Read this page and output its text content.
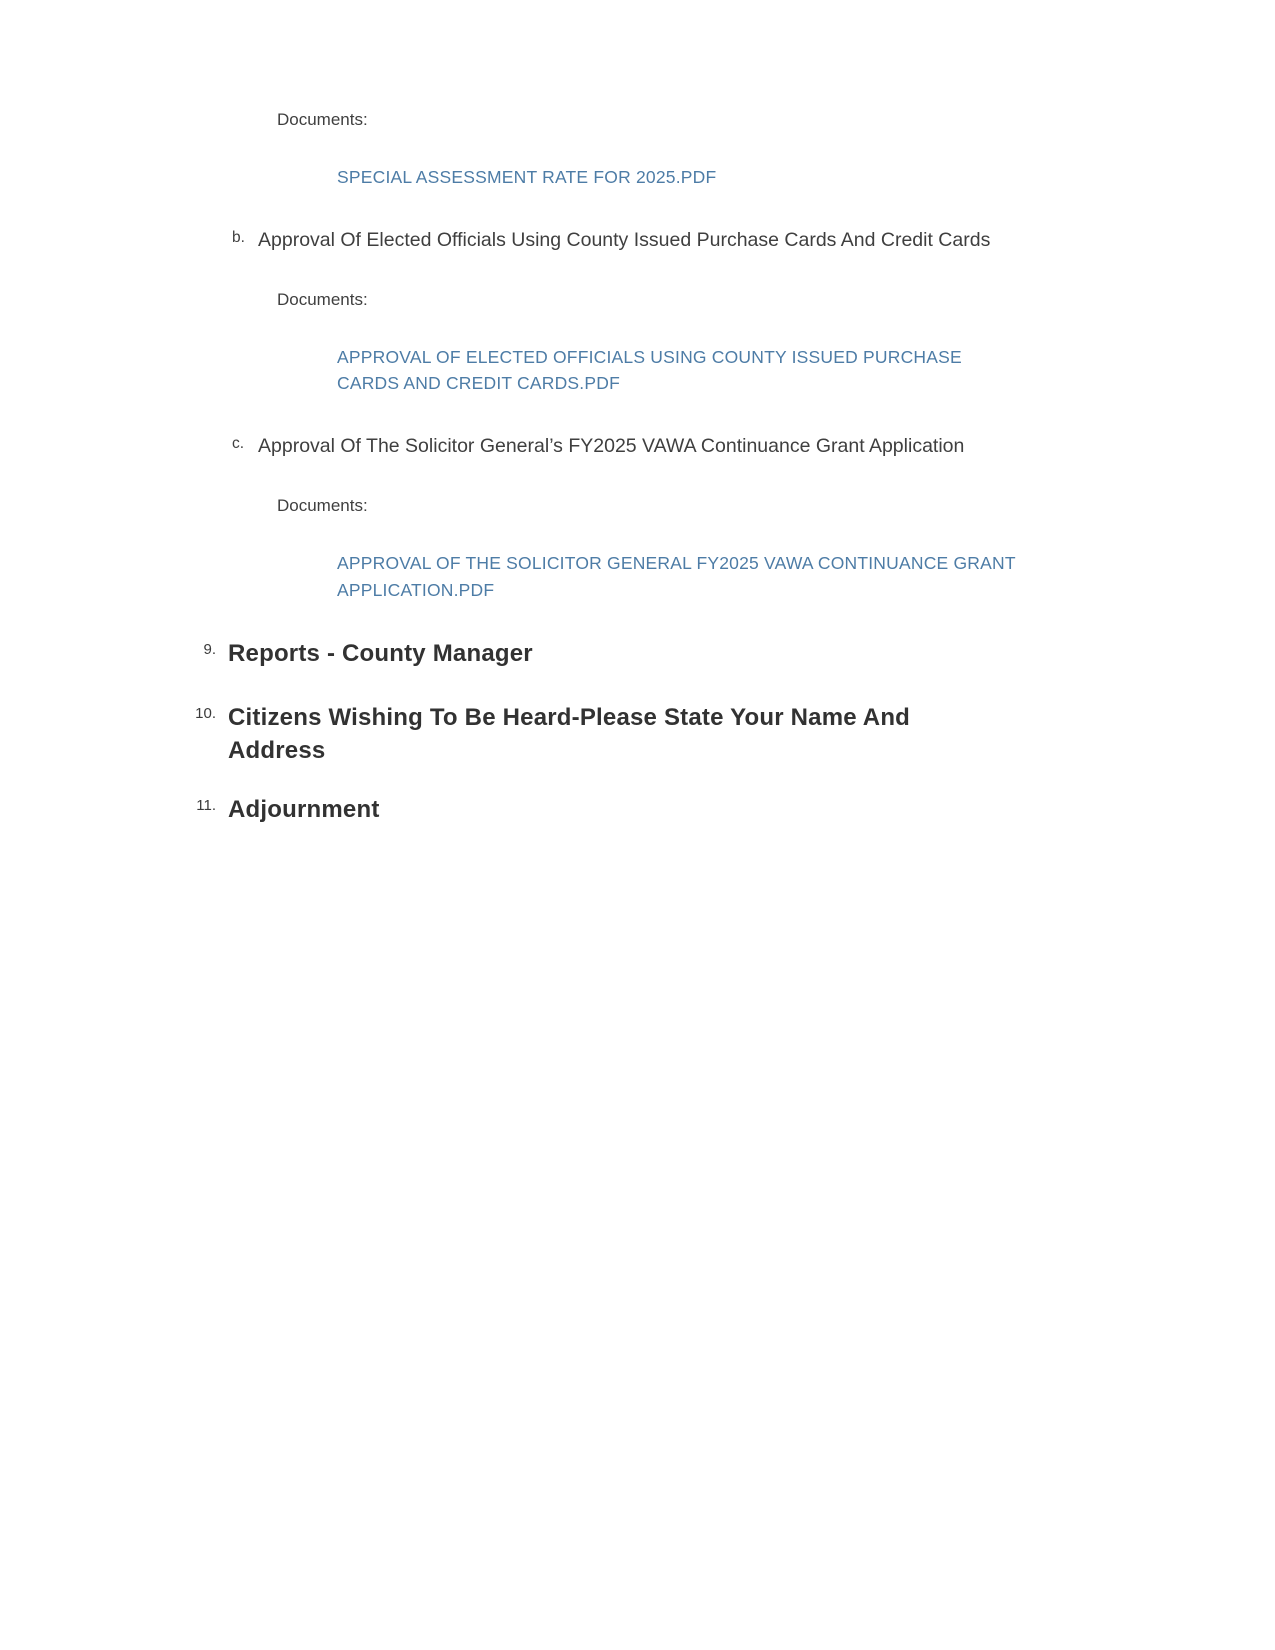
Documents:
SPECIAL ASSESSMENT RATE FOR 2025.PDF
b. Approval Of Elected Officials Using County Issued Purchase Cards And Credit Cards
Documents:
APPROVAL OF ELECTED OFFICIALS USING COUNTY ISSUED PURCHASE CARDS AND CREDIT CARDS.PDF
c. Approval Of The Solicitor General’s FY2025 VAWA Continuance Grant Application
Documents:
APPROVAL OF THE SOLICITOR GENERAL FY2025 VAWA CONTINUANCE GRANT APPLICATION.PDF
9. Reports - County Manager
10. Citizens Wishing To Be Heard-Please State Your Name And Address
11. Adjournment
